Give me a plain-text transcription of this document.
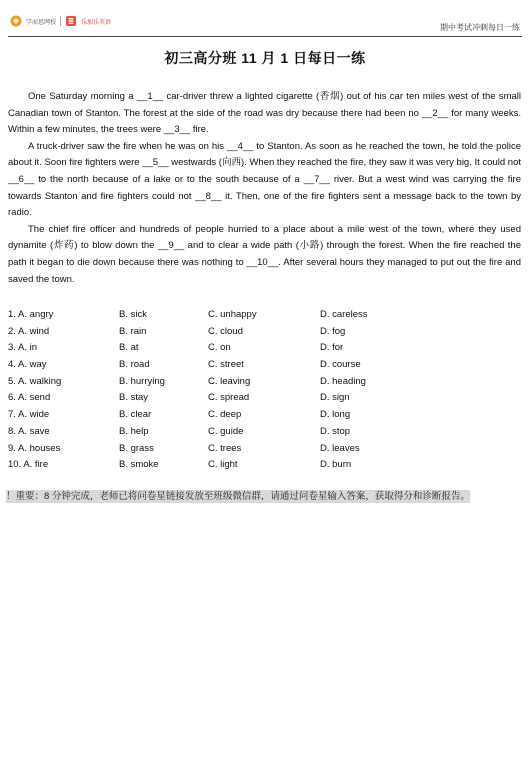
学而思网校	乐加乐英语
期中考试冲刺每日一练
初三高分班 11 月 1 日每日一练

One Saturday morning a __1__ car-driver threw a lighted cigarette (香烟) out of his car ten miles west of the small Canadian town of Stanton. The forest at the side of the road was dry because there had been no __2__ for many weeks. Within a few minutes, the trees were __3__ fire.

A truck-driver saw the fire when he was on his __4__ to Stanton. As soon as he reached the town, he told the police about it. Soon fire fighters were __5__ westwards (向西). When they reached the fire, they saw it was very big. It could not __6__ to the north because of a lake or to the south because of a __7__ river. But a west wind was carrying the fire towards Stanton and fire fighters could not __8__ it. Then, one of the fire fighters sent a message back to the town by radio.

The chief fire officer and hundreds of people hurried to a place about a mile west of the town, where they used dynamite (炸药) to blow down the __9__ and to clear a wide path (小路) through the forest. When the fire reached the path it began to die down because there was nothing to __10__. After several hours they managed to put out the fire and saved the town.

1. A. angry	B. sick	C. unhappy	D. careless
2. A. wind	B. rain	C. cloud	D. fog
3. A. in	B. at	C. on	D. for
4. A. way	B. road	C. street	D. course
5. A. walking	B. hurrying	C. leaving	D. heading
6. A. send	B. stay	C. spread	D. sign
7. A. wide	B. clear	C. deep	D. long
8. A. save	B. help	C. guide	D. stop
9. A. houses	B. grass	C. trees	D. leaves
10. A. fire	B. smoke	C. light	D. burn
！重要：8 分钟完成，老师已将问卷星链接发放至班级微信群，请通过问卷星输入答案，获取得分和诊断报告。
